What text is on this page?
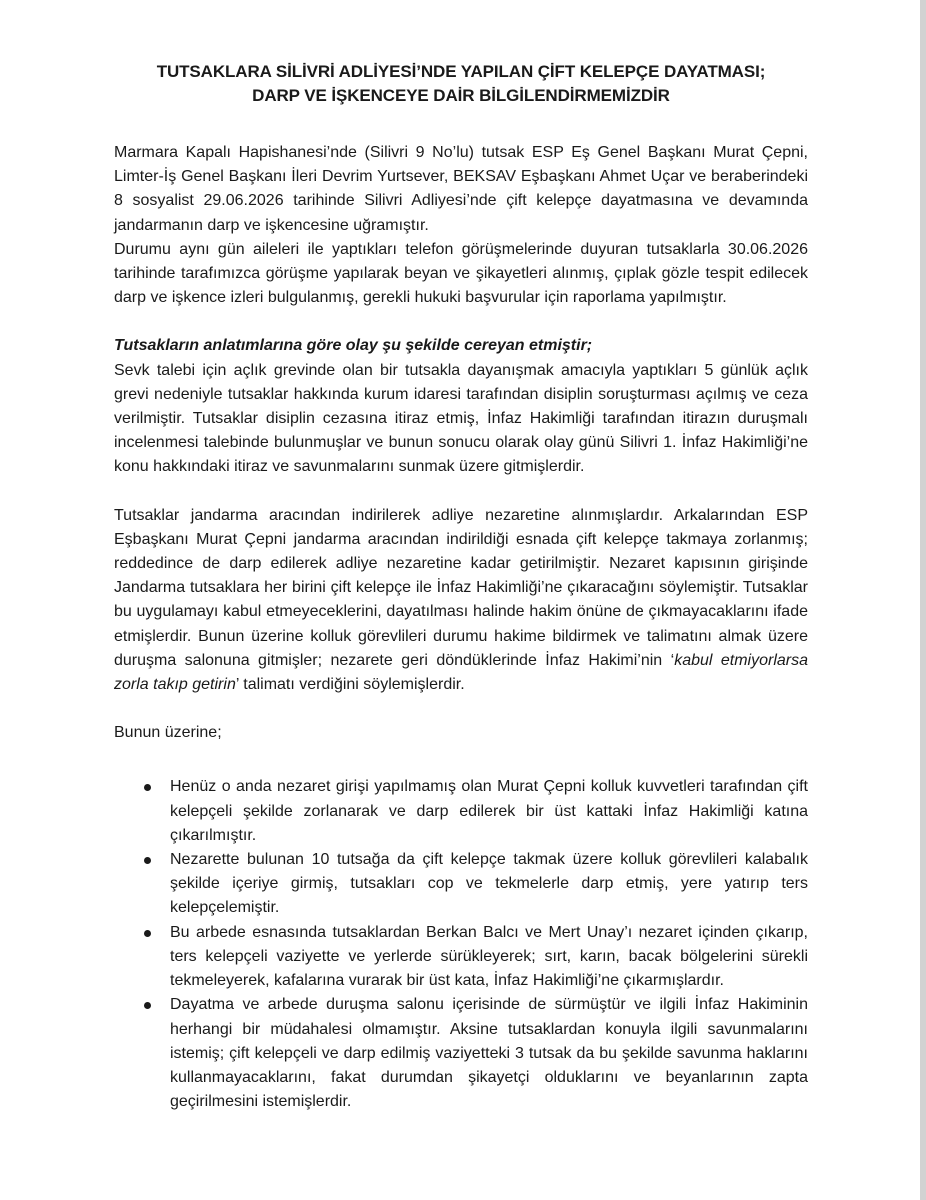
TUTSAKLARA SİLİVRİ ADLİYESİ’NDE YAPILAN ÇİFT KELEPÇE DAYATMASI;
DARP VE İŞKENCEYE DAİR BİLGİLENDİRMEMİZDİR

Marmara Kapalı Hapishanesi’nde (Silivri 9 No’lu) tutsak ESP Eş Genel Başkanı Murat Çepni, Limter-İş Genel Başkanı İleri Devrim Yurtsever, BEKSAV Eşbaşkanı Ahmet Uçar ve beraberindeki 8 sosyalist 29.06.2026 tarihinde Silivri Adliyesi’nde çift kelepçe dayatmasına ve devamında jandarmanın darp ve işkencesine uğramıştır.

Durumu aynı gün aileleri ile yaptıkları telefon görüşmelerinde duyuran tutsaklarla 30.06.2026 tarihinde tarafımızca görüşme yapılarak beyan ve şikayetleri alınmış, çıplak gözle tespit edilecek darp ve işkence izleri bulgulanmış, gerekli hukuki başvurular için raporlama yapılmıştır.

Tutsakların anlatımlarına göre olay şu şekilde cereyan etmiştir;

Sevk talebi için açlık grevinde olan bir tutsakla dayanışmak amacıyla yaptıkları 5 günlük açlık grevi nedeniyle tutsaklar hakkında kurum idaresi tarafından disiplin soruşturması açılmış ve ceza verilmiştir. Tutsaklar disiplin cezasına itiraz etmiş, İnfaz Hakimliği tarafından itirazın duruşmalı incelenmesi talebinde bulunmuşlar ve bunun sonucu olarak olay günü Silivri 1. İnfaz Hakimliği’ne konu hakkındaki itiraz ve savunmalarını sunmak üzere gitmişlerdir.

Tutsaklar jandarma aracından indirilerek adliye nezaretine alınmışlardır. Arkalarından ESP Eşbaşkanı Murat Çepni jandarma aracından indirildiği esnada çift kelepçe takmaya zorlanmış; reddedince de darp edilerek adliye nezaretine kadar getirilmiştir. Nezaret kapısının girişinde Jandarma tutsaklara her birini çift kelepçe ile İnfaz Hakimliği’ne çıkaracağını söylemiştir. Tutsaklar bu uygulamayı kabul etmeyeceklerini, dayatılması halinde hakim önüne de çıkmayacaklarını ifade etmişlerdir. Bunun üzerine kolluk görevlileri durumu hakime bildirmek ve talimatını almak üzere duruşma salonuna gitmişler; nezarete geri döndüklerinde İnfaz Hakimi’nin ‘kabul etmiyorlarsa zorla takıp getirin’ talimatı verdiğini söylemişlerdir.

Bunun üzerine;

Henüz o anda nezaret girişi yapılmamış olan Murat Çepni kolluk kuvvetleri tarafından çift kelepçeli şekilde zorlanarak ve darp edilerek bir üst kattaki İnfaz Hakimliği katına çıkarılmıştır.
Nezarette bulunan 10 tutsağa da çift kelepçe takmak üzere kolluk görevlileri kalabalık şekilde içeriye girmiş, tutsakları cop ve tekmelerle darp etmiş, yere yatırıp ters kelepçelemiştir.
Bu arbede esnasında tutsaklardan Berkan Balcı ve Mert Unay’ı nezaret içinden çıkarıp, ters kelepçeli vaziyette ve yerlerde sürükleyerek; sırt, karın, bacak bölgelerini sürekli tekmeleyerek, kafalarına vurarak bir üst kata, İnfaz Hakimliği’ne çıkarmışlardır.
Dayatma ve arbede duruşma salonu içerisinde de sürmüştür ve ilgili İnfaz Hakiminin herhangi bir müdahalesi olmamıştır. Aksine tutsaklardan konuyla ilgili savunmalarını istemiş; çift kelepçeli ve darp edilmiş vaziyetteki 3 tutsak da bu şekilde savunma haklarını kullanmayacaklarını, fakat durumdan şikayetçi olduklarını ve beyanlarının zapta geçirilmesini istemişlerdir.
